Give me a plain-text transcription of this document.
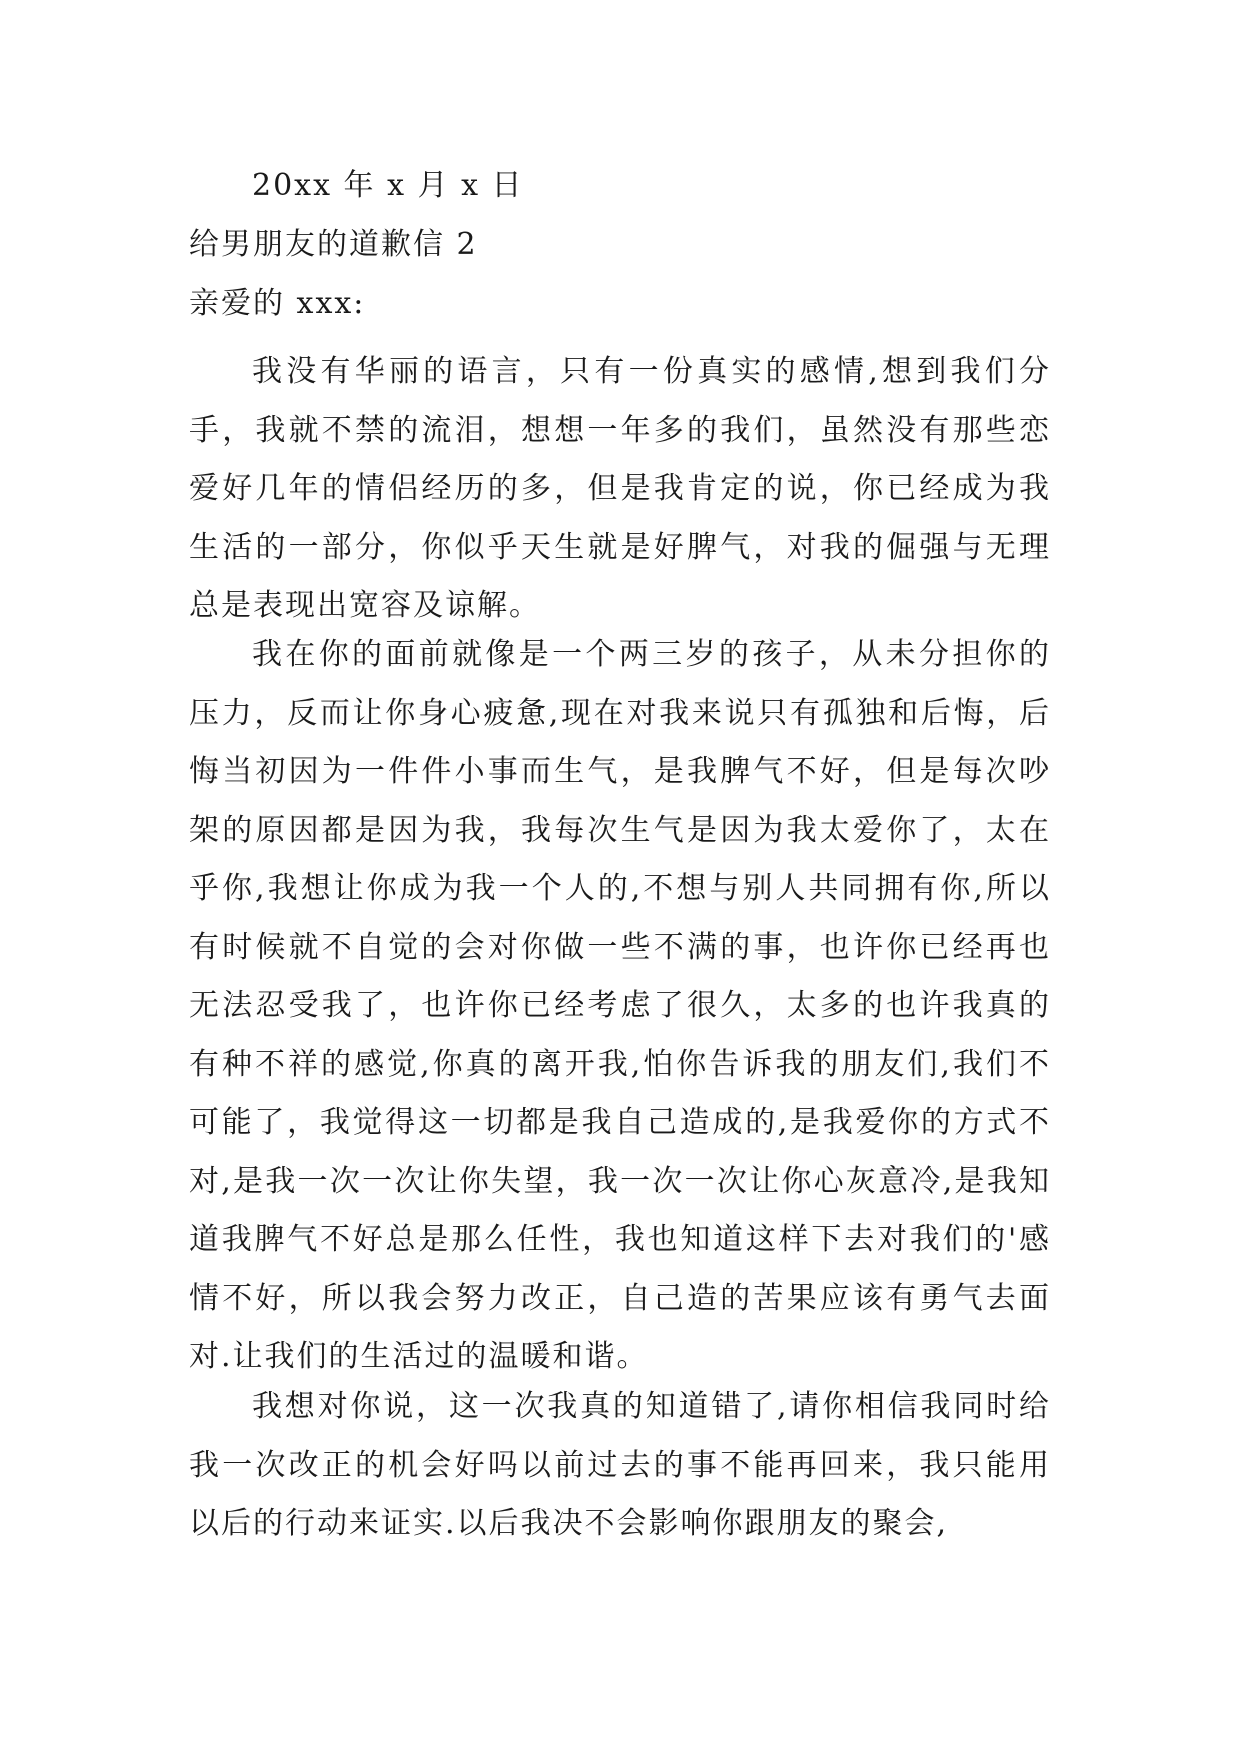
20xx 年 x 月 x 日
给男朋友的道歉信 2
亲爱的 xxx:

我没有华丽的语言，只有一份真实的感情,想到我们分手，我就不禁的流泪，想想一年多的我们，虽然没有那些恋爱好几年的情侣经历的多，但是我肯定的说，你已经成为我生活的一部分，你似乎天生就是好脾气，对我的倔强与无理总是表现出宽容及谅解。

我在你的面前就像是一个两三岁的孩子，从未分担你的压力，反而让你身心疲惫,现在对我来说只有孤独和后悔，后悔当初因为一件件小事而生气，是我脾气不好，但是每次吵架的原因都是因为我，我每次生气是因为我太爱你了，太在乎你,我想让你成为我一个人的,不想与别人共同拥有你,所以有时候就不自觉的会对你做一些不满的事，也许你已经再也无法忍受我了，也许你已经考虑了很久，太多的也许我真的有种不祥的感觉,你真的离开我,怕你告诉我的朋友们,我们不可能了，我觉得这一切都是我自己造成的,是我爱你的方式不对,是我一次一次让你失望，我一次一次让你心灰意冷,是我知道我脾气不好总是那么任性，我也知道这样下去对我们的'感情不好，所以我会努力改正，自己造的苦果应该有勇气去面对.让我们的生活过的温暖和谐。

我想对你说，这一次我真的知道错了,请你相信我同时给我一次改正的机会好吗以前过去的事不能再回来，我只能用以后的行动来证实.以后我决不会影响你跟朋友的聚会,
